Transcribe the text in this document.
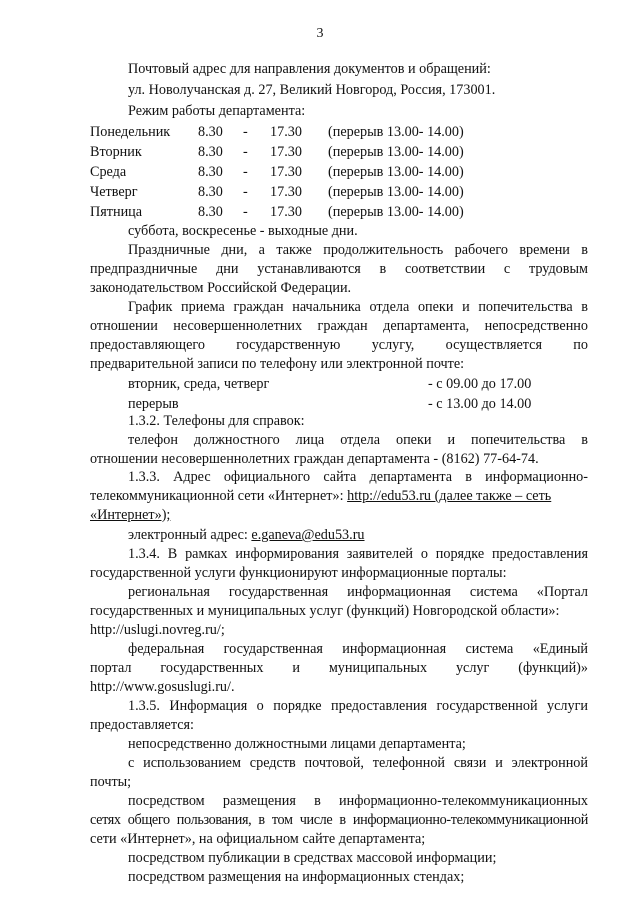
3
Почтовый адрес для направления документов и обращений:
ул. Новолучанская д. 27, Великий Новгород, Россия, 173001.
Режим работы департамента:
Понедельник 8.30 - 17.30 (перерыв 13.00- 14.00)
Вторник	8.30 - 17.30 (перерыв 13.00- 14.00)
Среда	8.30 - 17.30 (перерыв 13.00- 14.00)
Четверг	8.30 - 17.30 (перерыв 13.00- 14.00)
Пятница	8.30 - 17.30 (перерыв 13.00- 14.00)
суббота, воскресенье - выходные дни.
Праздничные дни, а также продолжительность рабочего времени в
предпраздничные дни устанавливаются в соответствии с трудовым
законодательством Российской Федерации.
График приема граждан начальника отдела опеки и попечительства в
отношении несовершеннолетних граждан департамента, непосредственно
предоставляющего государственную услугу, осуществляется по
предварительной записи по телефону или электронной почте:
вторник, среда, четверг	- с 09.00 до 17.00
перерыв	- с 13.00 до 14.00
1.3.2. Телефоны для справок:
телефон должностного лица отдела опеки и попечительства в
отношении несовершеннолетних граждан департамента - (8162) 77-64-74.
1.3.3. Адрес официального сайта департамента в информационно-
телекоммуникационной сети «Интернет»: http://edu53.ru (далее также – сеть
«Интернет»);
электронный адрес: e.ganeva@edu53.ru
1.3.4. В рамках информирования заявителей о порядке предоставления
государственной услуги функционируют информационные порталы:
региональная государственная информационная система «Портал
государственных и муниципальных услуг (функций) Новгородской области»:
http://uslugi.novreg.ru/;
федеральная государственная информационная система «Единый
портал государственных и муниципальных услуг (функций)»
http://www.gosuslugi.ru/.
1.3.5. Информация о порядке предоставления государственной услуги
предоставляется:
непосредственно должностными лицами департамента;
с использованием средств почтовой, телефонной связи и электронной
почты;
посредством размещения в информационно-телекоммуникационных
сетях общего пользования, в том числе в информационно-телекоммуникационной
сети «Интернет», на официальном сайте департамента;
посредством публикации в средствах массовой информации;
посредством размещения на информационных стендах;
